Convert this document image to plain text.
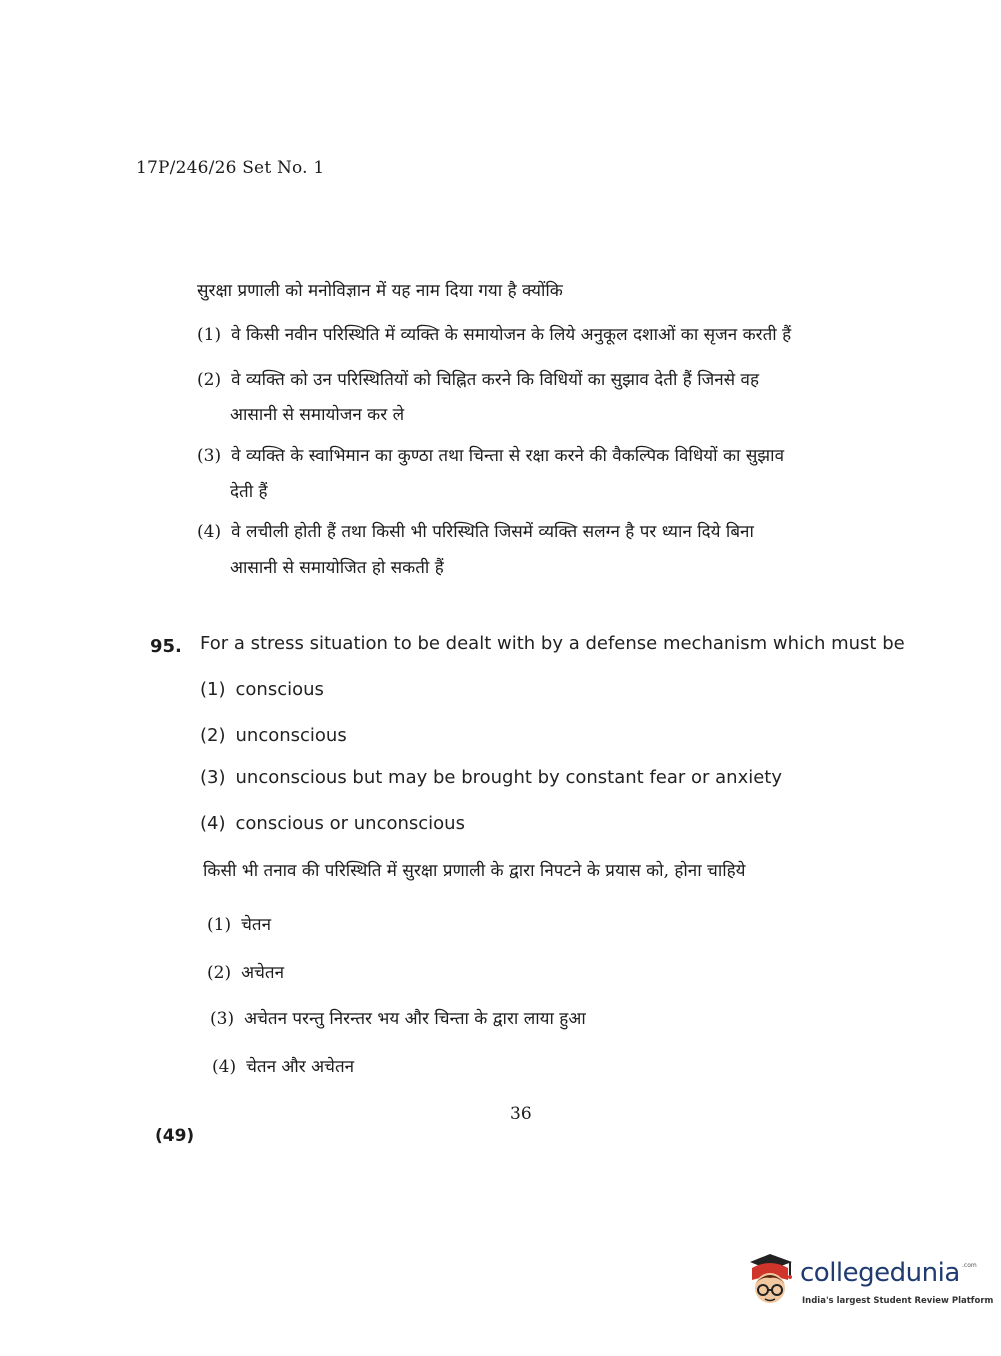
17P/246/26 Set No. 1
सुरक्षा प्रणाली को मनोविज्ञान में यह नाम दिया गया है क्योंकि
(1) वे किसी नवीन परिस्थिति में व्यक्ति के समायोजन के लिये अनुकूल दशाओं का सृजन करती हैं
(2) वे व्यक्ति को उन परिस्थितियों को चिह्नित करने कि विधियों का सुझाव देती हैं जिनसे वह
आसानी से समायोजन कर ले
(3) वे व्यक्ति के स्वाभिमान का कुण्ठा तथा चिन्ता से रक्षा करने की वैकल्पिक विधियों का सुझाव
देती हैं
(4) वे लचीली होती हैं तथा किसी भी परिस्थिति जिसमें व्यक्ति सलग्न है पर ध्यान दिये बिना
आसानी से समायोजित हो सकती हैं
95. For a stress situation to be dealt with by a defense mechanism which must be
(1) conscious
(2) unconscious
(3) unconscious but may be brought by constant fear or anxiety
(4) conscious or unconscious
किसी भी तनाव की परिस्थिति में सुरक्षा प्रणाली के द्वारा निपटने के प्रयास को, होना चाहिये
(1) चेतन
(2) अचेतन
(3) अचेतन परन्तु निरन्तर भय और चिन्ता के द्वारा लाया हुआ
(4) चेतन और अचेतन
36
(49)
collegedunia .com
India's largest Student Review Platform
